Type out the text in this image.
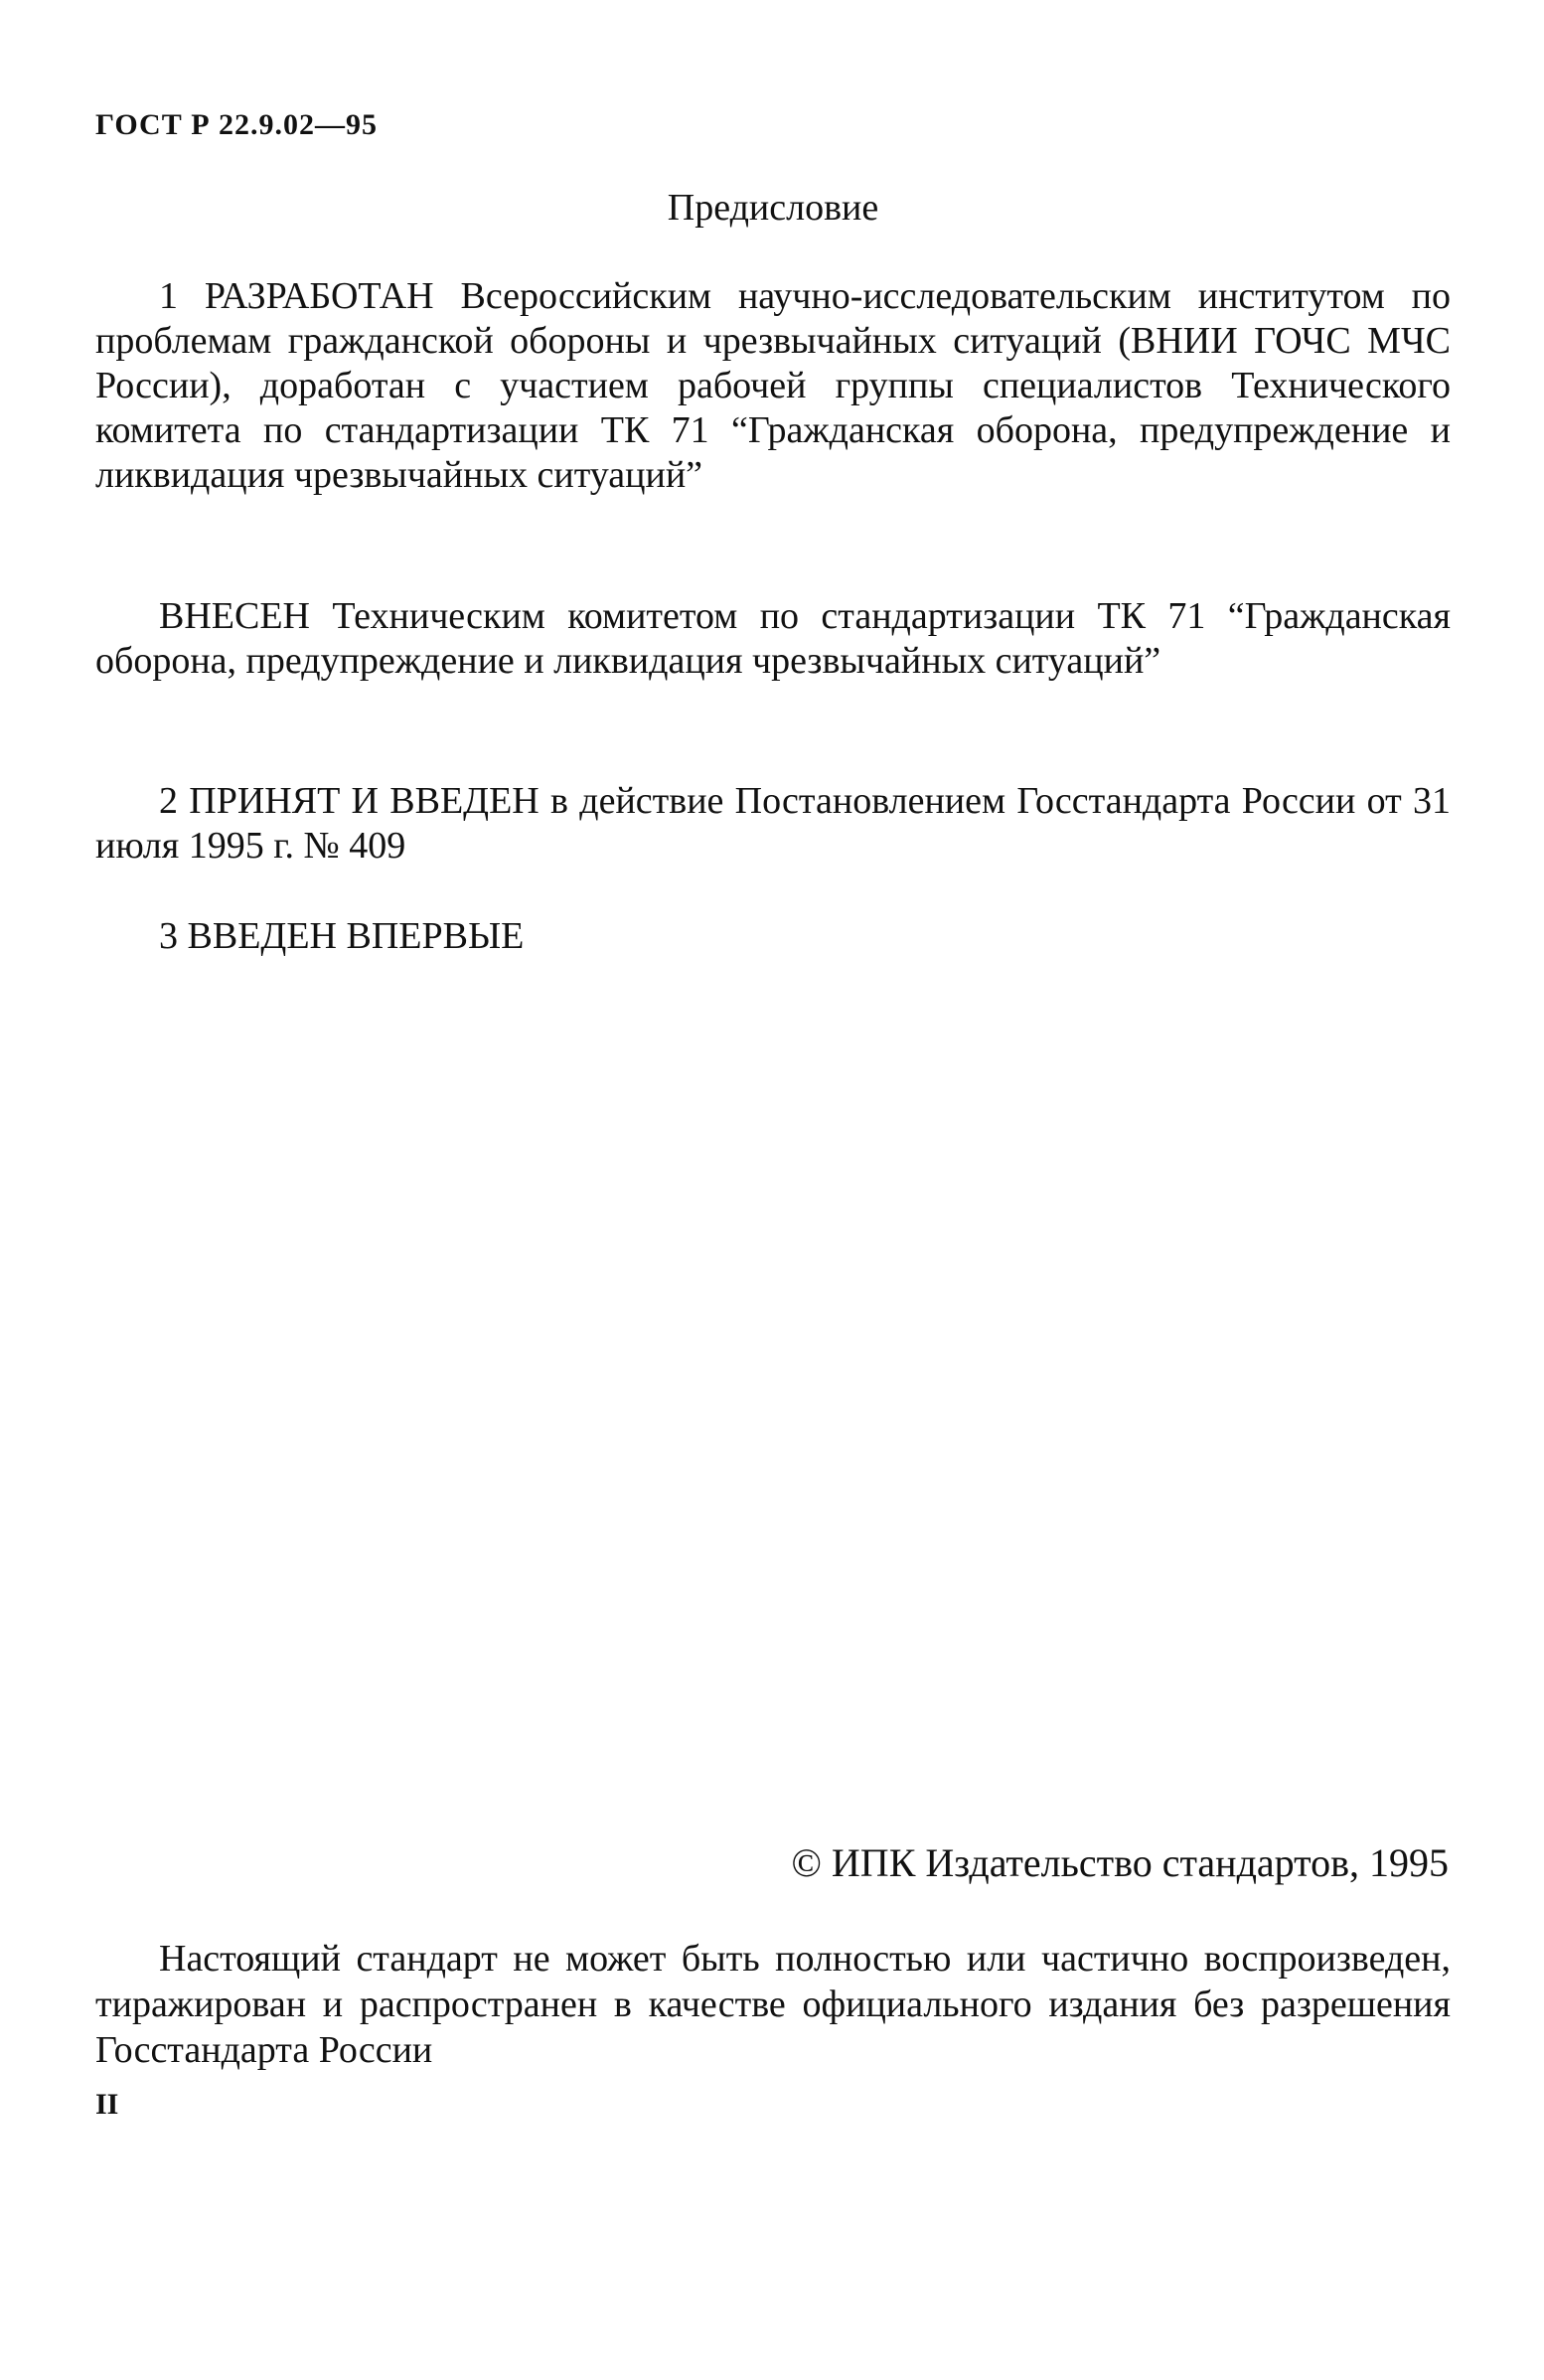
ГОСТ Р 22.9.02—95
Предисловие

1 РАЗРАБОТАН Всероссийским научно-исследовательским институтом по проблемам гражданской обороны и чрезвычайных ситуаций (ВНИИ ГОЧС МЧС России), доработан с участием рабочей группы специалистов Технического комитета по стандартизации ТК 71 “Гражданская оборона, предупреждение и ликвидация чрезвычайных ситуаций”

ВНЕСЕН Техническим комитетом по стандартизации ТК 71 “Гражданская оборона, предупреждение и ликвидация чрезвычайных ситуаций”

2 ПРИНЯТ И ВВЕДЕН в действие Постановлением Госстандарта России от 31 июля 1995 г. № 409

3 ВВЕДЕН ВПЕРВЫЕ

© ИПК Издательство стандартов, 1995

Настоящий стандарт не может быть полностью или частично воспроизведен, тиражирован и распространен в качестве официального издания без разрешения Госстандарта России

II
